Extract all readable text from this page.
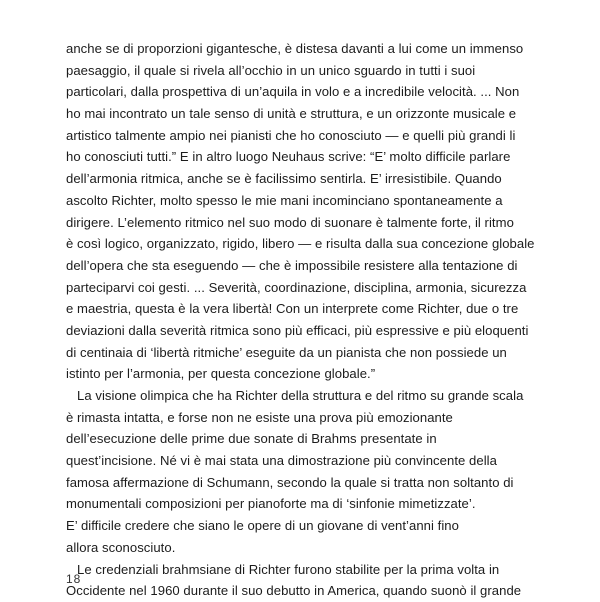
anche se di proporzioni gigantesche, è distesa davanti a lui come un immenso
paesaggio, il quale si rivela all’occhio in un unico sguardo in tutti i suoi
particolari, dalla prospettiva di un’aquila in volo e a incredibile velocità. ... Non
ho mai incontrato un tale senso di unità e struttura, e un orizzonte musicale e
artistico talmente ampio nei pianisti che ho conosciuto — e quelli più grandi li
ho conosciuti tutti.” E in altro luogo Neuhaus scrive: “E’ molto difficile parlare
dell’armonia ritmica, anche se è facilissimo sentirla. E’ irresistibile. Quando
ascolto Richter, molto spesso le mie mani incominciano spontaneamente a
dirigere. L’elemento ritmico nel suo modo di suonare è talmente forte, il ritmo
è così logico, organizzato, rigido, libero — e risulta dalla sua concezione globale
dell’opera che sta eseguendo — che è impossibile resistere alla tentazione di
parteciparvi coi gesti. ... Severità, coordinazione, disciplina, armonia, sicurezza
e maestria, questa è la vera libertà! Con un interprete come Richter, due o tre
deviazioni dalla severità ritmica sono più efficaci, più espressive e più eloquenti
di centinaia di ‘libertà ritmiche’ eseguite da un pianista che non possiede un
istinto per l’armonia, per questa concezione globale.”
La visione olimpica che ha Richter della struttura e del ritmo su grande scala
è rimasta intatta, e forse non ne esiste una prova più emozionante
dell’esecuzione delle prime due sonate di Brahms presentate in
quest’incisione. Né vi è mai stata una dimostrazione più convincente della
famosa affermazione di Schumann, secondo la quale si tratta non soltanto di
monumentali composizioni per pianoforte ma di ‘sinfonie mimetizzate’.
E’ difficile credere che siano le opere di un giovane di vent’anni fino
allora sconosciuto.
Le credenziali brahmsiane di Richter furono stabilite per la prima volta in
Occidente nel 1960 durante il suo debutto in America, quando suonò il grande
18
